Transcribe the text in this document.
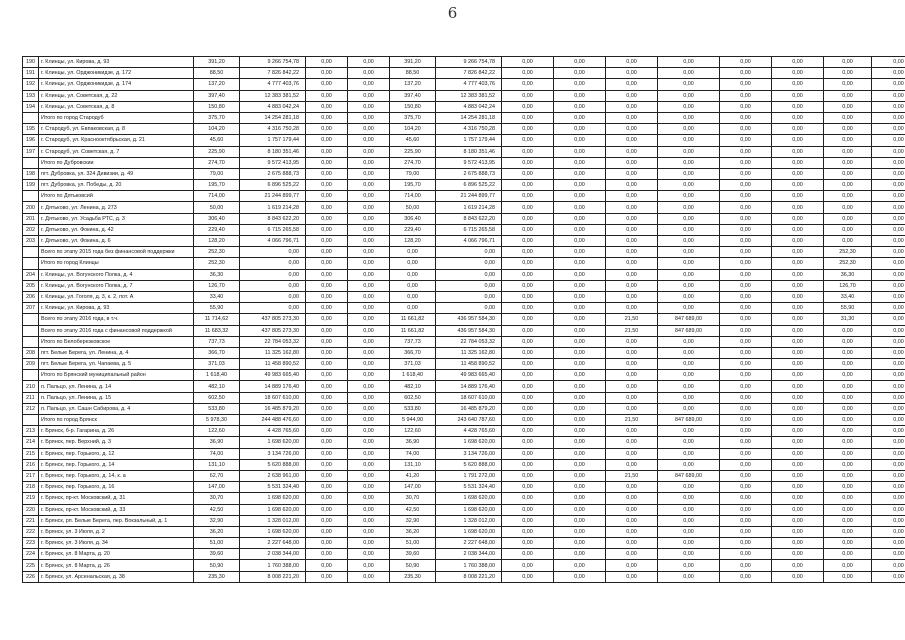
6
190	г. Клинцы, ул. Кирова, д. 93	391,20	9 266 754,78	0,00	0,00	391,20	9 266 754,78	0,00	0,00	0,00	0,00	0,00	0,00	0,00	0,00
191	г. Клинцы, ул. Орджоникидзе, д. 172	88,50	7 826 842,22	0,00	0,00	88,50	7 826 842,22	0,00	0,00	0,00	0,00	0,00	0,00	0,00	0,00
192	г. Клинцы, ул. Орджоникидзе, д. 174	137,20	4 777 403,76	0,00	0,00	137,20	4 777 403,76	0,00	0,00	0,00	0,00	0,00	0,00	0,00	0,00
193	г. Клинцы, ул. Советская, д. 22	397,40	12 383 381,52	0,00	0,00	397,40	12 383 381,52	0,00	0,00	0,00	0,00	0,00	0,00	0,00	0,00
194	г. Клинцы, ул. Советская, д. 8	150,80	4 883 042,24	0,00	0,00	150,80	4 883 042,24	0,00	0,00	0,00	0,00	0,00	0,00	0,00	0,00
	Итого по город Стародуб	375,70	14 254 281,18	0,00	0,00	375,70	14 254 281,18	0,00	0,00	0,00	0,00	0,00	0,00	0,00	0,00
195	г. Стародуб, ул. Евпаковская, д. 8	104,20	4 316 750,28	0,00	0,00	104,20	4 316 750,28	0,00	0,00	0,00	0,00	0,00	0,00	0,00	0,00
196	г. Стародуб, ул. Краснооктябрьская, д. 21	45,60	1 757 179,44	0,00	0,00	45,60	1 757 179,44	0,00	0,00	0,00	0,00	0,00	0,00	0,00	0,00
197	г. Стародуб, ул. Советская, д. 7	225,90	8 180 351,46	0,00	0,00	225,90	8 180 351,46	0,00	0,00	0,00	0,00	0,00	0,00	0,00	0,00
	Итого по Дубровскии	274,70	9 572 413,95	0,00	0,00	274,70	9 572 413,95	0,00	0,00	0,00	0,00	0,00	0,00	0,00	0,00
198	пгт. Дубровка, ул. 324 Дивизии, д. 49	79,00	2 675 888,73	0,00	0,00	79,00	2 675 888,73	0,00	0,00	0,00	0,00	0,00	0,00	0,00	0,00
199	пгт. Дубровка, ул. Победы, д. 20	195,70	6 896 525,22	0,00	0,00	195,70	6 896 525,22	0,00	0,00	0,00	0,00	0,00	0,00	0,00	0,00
	Итого по Дятьковсий	714,00	21 244 899,77	0,00	0,00	714,00	21 244 899,77	0,00	0,00	0,00	0,00	0,00	0,00	0,00	0,00
200	г. Дятьково, ул. Ленина, д. 273	50,00	1 619 214,28	0,00	0,00	50,00	1 619 214,28	0,00	0,00	0,00	0,00	0,00	0,00	0,00	0,00
201	г. Дятьково, ул. Усадьба РТС, д. 3	306,40	8 843 622,20	0,00	0,00	306,40	8 843 622,20	0,00	0,00	0,00	0,00	0,00	0,00	0,00	0,00
202	г. Дятьково, ул. Фокина, д. 42	229,40	6 715 265,58	0,00	0,00	229,40	6 715 265,58	0,00	0,00	0,00	0,00	0,00	0,00	0,00	0,00
203	г. Дятьково, ул. Фокина, д. 6	128,20	4 066 796,71	0,00	0,00	128,20	4 066 796,71	0,00	0,00	0,00	0,00	0,00	0,00	0,00	0,00
	Всего по этапу 2015 года без финансовой поддержки	252,30	0,00	0,00	0,00	0,00	0,00	0,00	0,00	0,00	0,00	0,00	0,00	252,30	0,00
	Итого по город Клинцы	252,30	0,00	0,00	0,00	0,00	0,00	0,00	0,00	0,00	0,00	0,00	0,00	252,30	0,00
204	г. Клинцы, ул. Вогунского Полка, д. 4	36,30	0,00	0,00	0,00	0,00	0,00	0,00	0,00	0,00	0,00	0,00	0,00	36,30	0,00
205	г. Клинцы, ул. Вогунского Полка, д. 7	126,70	0,00	0,00	0,00	0,00	0,00	0,00	0,00	0,00	0,00	0,00	0,00	126,70	0,00
206	г. Клинцы, ул. Гоголя, д. 3, к. 2, пот. А	33,40	0,00	0,00	0,00	0,00	0,00	0,00	0,00	0,00	0,00	0,00	0,00	33,40	0,00
207	г. Клинцы, ул. Кирова, д. 93	55,90	0,00	0,00	0,00	0,00	0,00	0,00	0,00	0,00	0,00	0,00	0,00	55,90	0,00
	Всего по этапу 2016 года, в т.ч.	11 714,62	437 805 273,30	0,00	0,00	11 661,82	436 957 584,30	0,00	0,00	21,50	847 689,00	0,00	0,00	31,30	0,00
	Всего по этапу 2016 года с финансовой поддержкой	11 683,32	437 805 273,30	0,00	0,00	11 661,82	436 957 584,30	0,00	0,00	21,50	847 689,00	0,00	0,00	0,00	0,00
	Итого по Белоберезковское	737,73	22 784 053,32	0,00	0,00	737,73	22 784 053,32	0,00	0,00	0,00	0,00	0,00	0,00	0,00	0,00
208	пгт. Белые Берега, ул. Ленина, д. 4	366,70	11 325 162,80	0,00	0,00	366,70	11 325 162,80	0,00	0,00	0,00	0,00	0,00	0,00	0,00	0,00
209	пгт. Белые Берега, ул. Чапаева, д. 5	371,03	11 458 890,52	0,00	0,00	371,03	11 458 890,52	0,00	0,00	0,00	0,00	0,00	0,00	0,00	0,00
	Итого по Брянский муниципальный район	1 618,40	49 983 665,40	0,00	0,00	1 618,40	49 983 665,40	0,00	0,00	0,00	0,00	0,00	0,00	0,00	0,00
210	п. Пальцо, ул. Ленина, д. 14	482,10	14 889 176,40	0,00	0,00	482,10	14 889 176,40	0,00	0,00	0,00	0,00	0,00	0,00	0,00	0,00
211	п. Пальцо, ул. Ленина, д. 15	602,50	18 607 610,00	0,00	0,00	602,50	18 607 610,00	0,00	0,00	0,00	0,00	0,00	0,00	0,00	0,00
212	п. Пальцо, ул. Сашн Сабирова, д. 4	533,80	16 485 879,20	0,00	0,00	533,80	16 485 879,20	0,00	0,00	0,00	0,00	0,00	0,00	0,00	0,00
	Итого по город Брянск	5 978,30	244 488 476,60	0,00	0,00	5 944,90	243 640 787,60	0,00	0,00	21,50	847 689,00	0,00	0,00	0,00	0,00
213	г. Брянск, б-р. Гагарина, д. 26	122,60	4 428 765,60	0,00	0,00	122,60	4 428 765,60	0,00	0,00	0,00	0,00	0,00	0,00	0,00	0,00
214	г. Брянск, пер. Верхний, д. 3	36,90	1 698 620,00	0,00	0,00	36,90	1 698 620,00	0,00	0,00	0,00	0,00	0,00	0,00	0,00	0,00
215	г. Брянск, пер. Горького, д. 12	74,00	3 134 726,00	0,00	0,00	74,00	3 134 726,00	0,00	0,00	0,00	0,00	0,00	0,00	0,00	0,00
216	г. Брянск, пер. Горького, д. 14	131,10	5 620 888,00	0,00	0,00	131,10	5 620 888,00	0,00	0,00	0,00	0,00	0,00	0,00	0,00	0,00
217	г. Брянск, пер. Горького, д. 14, к. а	62,70	2 638 961,00	0,00	0,00	41,20	1 791 272,00	0,00	0,00	21,50	847 689,00	0,00	0,00	0,00	0,00
218	г. Брянск, пер. Горького, д. 16	147,00	5 531 324,40	0,00	0,00	147,00	5 531 324,40	0,00	0,00	0,00	0,00	0,00	0,00	0,00	0,00
219	г. Брянск, пр-кт. Московский, д. 31	30,70	1 698 620,00	0,00	0,00	30,70	1 698 620,00	0,00	0,00	0,00	0,00	0,00	0,00	0,00	0,00
220	г. Брянск, пр-кт. Московский, д. 33	42,50	1 698 620,00	0,00	0,00	42,50	1 698 620,00	0,00	0,00	0,00	0,00	0,00	0,00	0,00	0,00
221	г. Брянск, рп. Белые Берега, пер. Вокзальный, д. 1	32,90	1 328 012,00	0,00	0,00	32,90	1 328 012,00	0,00	0,00	0,00	0,00	0,00	0,00	0,00	0,00
222	г. Брянск, ул. 3 Июля, д. 2	36,20	1 698 620,00	0,00	0,00	36,20	1 698 620,00	0,00	0,00	0,00	0,00	0,00	0,00	0,00	0,00
223	г. Брянск, ул. 3 Июля, д. 34	51,00	2 227 648,00	0,00	0,00	51,00	2 227 648,00	0,00	0,00	0,00	0,00	0,00	0,00	0,00	0,00
224	г. Брянск, ул. 8 Марта, д. 20	39,60	2 038 344,00	0,00	0,00	39,60	2 038 344,00	0,00	0,00	0,00	0,00	0,00	0,00	0,00	0,00
225	г. Брянск, ул. 8 Марта, д. 26	50,90	1 760 388,00	0,00	0,00	50,90	1 760 388,00	0,00	0,00	0,00	0,00	0,00	0,00	0,00	0,00
226	г. Брянск, ул. Арсенальская, д. 38	235,30	8 008 221,20	0,00	0,00	235,30	8 008 221,20	0,00	0,00	0,00	0,00	0,00	0,00	0,00	0,00
